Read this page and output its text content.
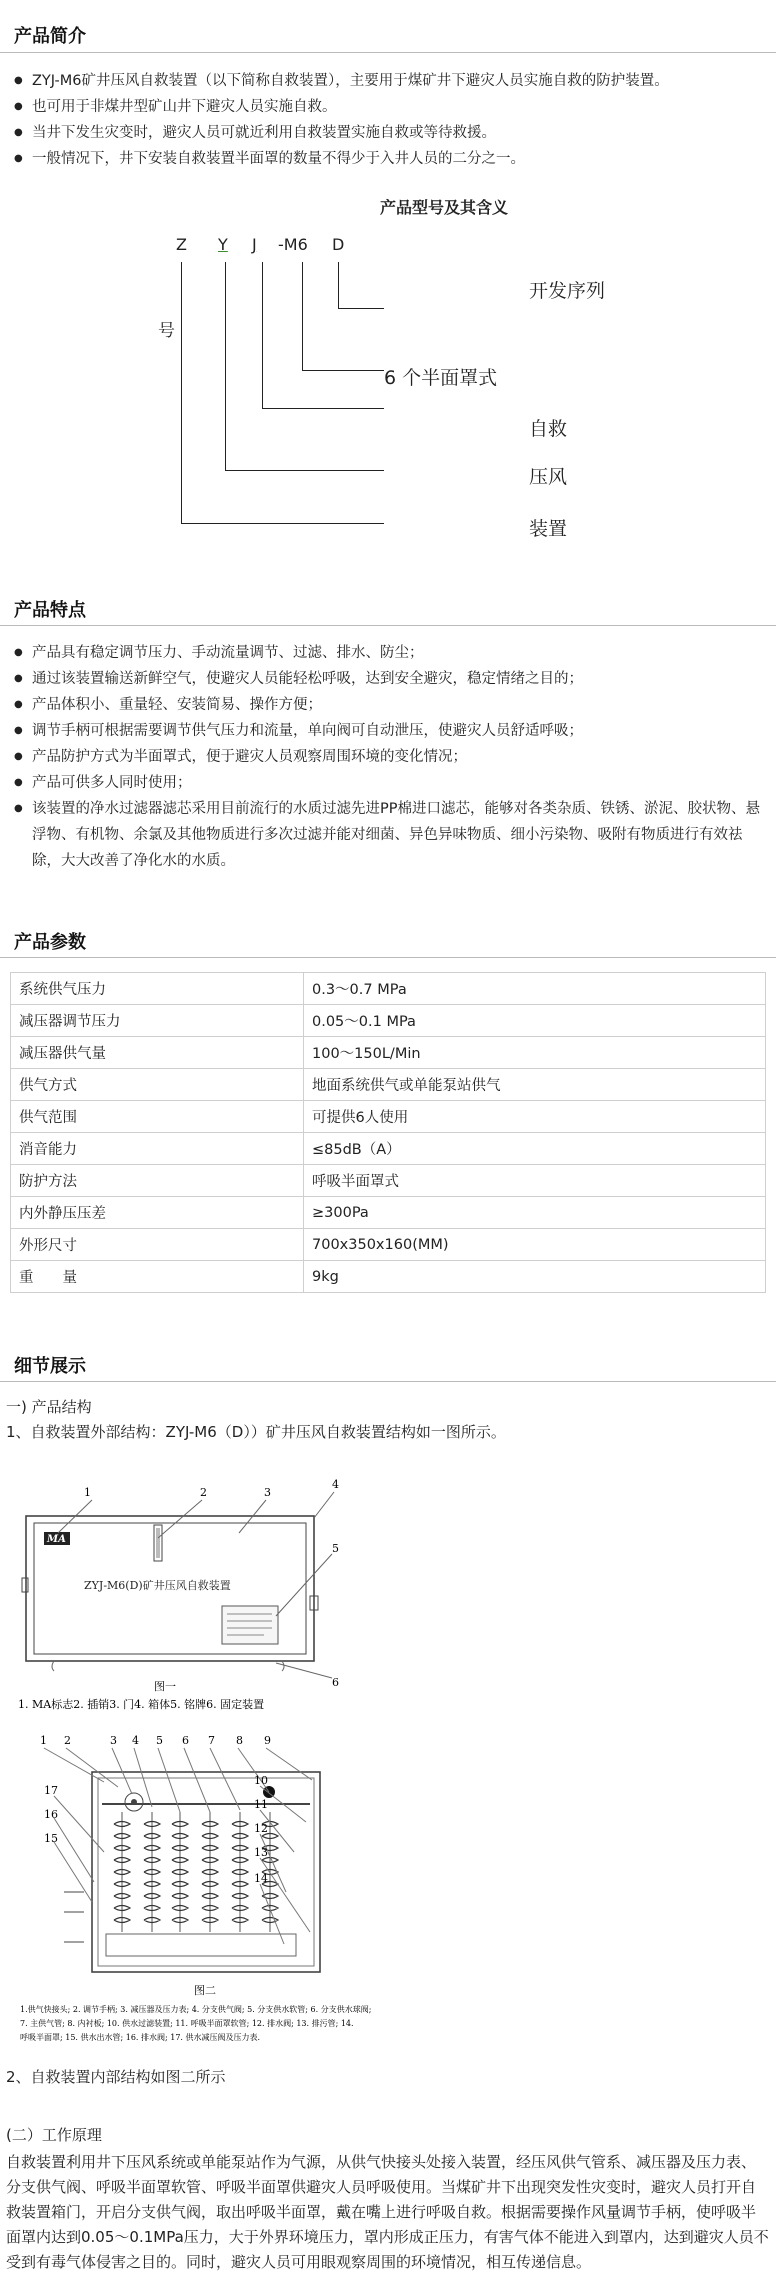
产品简介
● ZYJ-M6矿井压风自救装置（以下简称自救装置），主要用于煤矿井下避灾人员实施自救的防护装置。
● 也可用于非煤井型矿山井下避灾人员实施自救。
● 当井下发生灾变时，避灾人员可就近利用自救装置实施自救或等待救援。
● 一般情况下，井下安装自救装置半面罩的数量不得少于入井人员的二分之一。
产品型号及其含义
Z Y J -M6 D
号
开发序列
6 个半面罩式
自救
压风
装置
产品特点
● 产品具有稳定调节压力、手动流量调节、过滤、排水、防尘；
● 通过该装置输送新鲜空气，使避灾人员能轻松呼吸，达到安全避灾，稳定情绪之目的；
● 产品体积小、重量轻、安装简易、操作方便；
● 调节手柄可根据需要调节供气压力和流量，单向阀可自动泄压，使避灾人员舒适呼吸；
● 产品防护方式为半面罩式，便于避灾人员观察周围环境的变化情况；
● 产品可供多人同时使用；
● 该装置的净水过滤器滤芯采用目前流行的水质过滤先进PP棉进口滤芯，能够对各类杂质、铁锈、淤泥、胶状物、悬浮物、有机物、余氯及其他物质进行多次过滤并能对细菌、异色异味物质、细小污染物、吸附有物质进行有效祛除，大大改善了净化水的水质。
产品参数
系统供气压力	0.3～0.7 MPa
减压器调节压力	0.05～0.1 MPa
减压器供气量	100～150L/Min
供气方式	地面系统供气或单能泵站供气
供气范围	可提供6人使用
消音能力	≤85dB（A）
防护方法	呼吸半面罩式
内外静压压差	≥300Pa
外形尺寸	700x350x160(MM)
重　　量	9kg
细节展示
一) 产品结构
1、自救装置外部结构：ZYJ-M6（D））矿井压风自救装置结构如一图所示。
MA
ZYJ-M6(D)矿井压风自救装置
1	2	3
4
5
6
图一
1. MA标志2. 插销3. 门4. 箱体5. 铭牌6. 固定装置
1 2	3 4 5 6 7 8 9
10
11
12
13
14
17
16
15
图二
1.供气快接头; 2. 调节手柄; 3. 减压器及压力表; 4. 分支供气阀; 5. 分支供水软管; 6. 分支供水球阀;
7. 主供气管; 8. 内衬板; 10. 供水过滤装置; 11. 呼吸半面罩软管; 12. 排水阀; 13. 排污管; 14.
呼吸半面罩; 15. 供水出水管; 16. 排水阀; 17. 供水减压阀及压力表.
2、自救装置内部结构如图二所示
(二）工作原理
自救装置利用井下压风系统或单能泵站作为气源，从供气快接头处接入装置，经压风供气管系、减压器及压力表、分支供气阀、呼吸半面罩软管、呼吸半面罩供避灾人员呼吸使用。当煤矿井下出现突发性灾变时，避灾人员打开自救装置箱门，开启分支供气阀，取出呼吸半面罩，戴在嘴上进行呼吸自救。根据需要操作风量调节手柄，使呼吸半面罩内达到0.05～0.1MPa压力，大于外界环境压力，罩内形成正压力，有害气体不能进入到罩内，达到避灾人员不受到有毒气体侵害之目的。同时，避灾人员可用眼观察周围的环境情况，相互传递信息。
